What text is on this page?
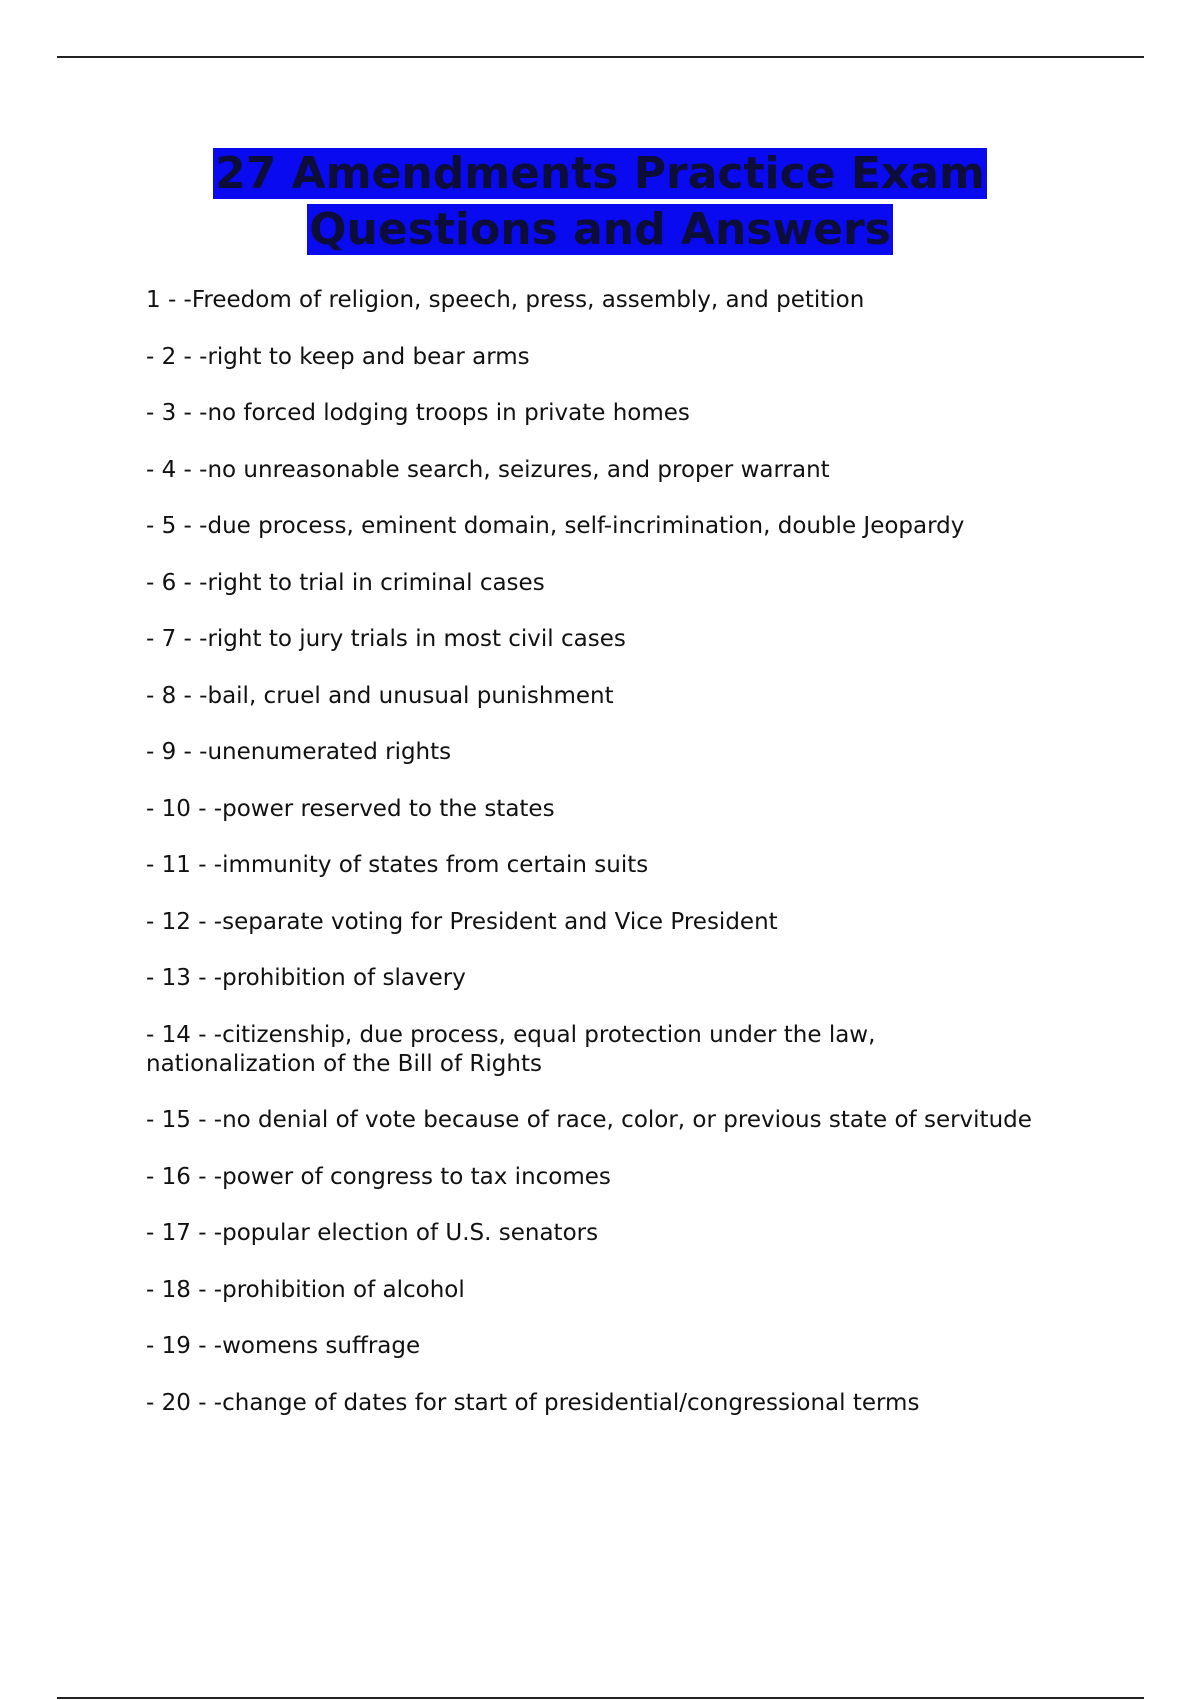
27 Amendments Practice Exam Questions and Answers
1 - -Freedom of religion, speech, press, assembly, and petition
- 2 - -right to keep and bear arms
- 3 - -no forced lodging troops in private homes
- 4 - -no unreasonable search, seizures, and proper warrant
- 5 - -due process, eminent domain, self-incrimination, double Jeopardy
- 6 - -right to trial in criminal cases
- 7 - -right to jury trials in most civil cases
- 8 - -bail, cruel and unusual punishment
- 9 - -unenumerated rights
- 10 - -power reserved to the states
- 11 - -immunity of states from certain suits
- 12 - -separate voting for President and Vice President
- 13 - -prohibition of slavery
- 14 - -citizenship, due process, equal protection under the law, nationalization of the Bill of Rights
- 15 - -no denial of vote because of race, color, or previous state of servitude
- 16 - -power of congress to tax incomes
- 17 - -popular election of U.S. senators
- 18 - -prohibition of alcohol
- 19 - -womens suffrage
- 20 - -change of dates for start of presidential/congressional terms
